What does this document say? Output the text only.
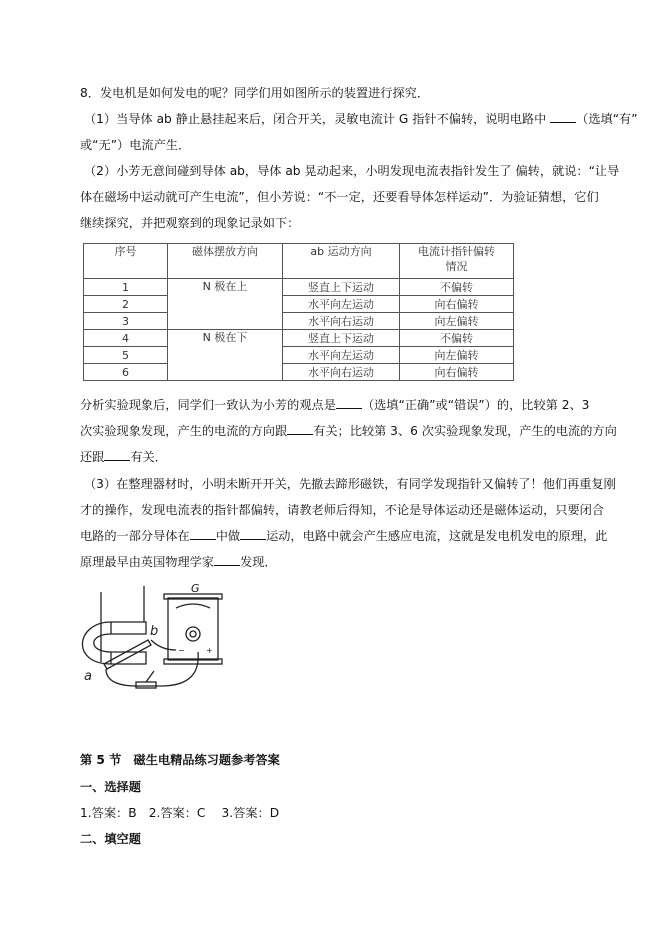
8．发电机是如何发电的呢？同学们用如图所示的装置进行探究．
（1）当导体 ab 静止悬挂起来后，闭合开关，灵敏电流计 G 指针不偏转，说明电路中 （选填“有”
或“无”）电流产生．
（2）小芳无意间碰到导体 ab，导体 ab 晃动起来，小明发现电流表指针发生了 偏转，就说：“让导
体在磁场中运动就可产生电流”，但小芳说：“不一定，还要看导体怎样运动”．为验证猜想，它们
继续探究，并把观察到的现象记录如下：
序号	磁体摆放方向	ab 运动方向	电流计指针偏转情况
1	N 极在上	竖直上下运动	不偏转
2		水平向左运动	向右偏转
3		水平向右运动	向左偏转
4	N 极在下	竖直上下运动	不偏转
5		水平向左运动	向左偏转
6		水平向右运动	向右偏转
分析实验现象后，同学们一致认为小芳的观点是 （选填“正确”或“错误”）的，比较第 2、3
次实验现象发现，产生的电流的方向跟 有关；比较第 3、6 次实验现象发现，产生的电流的方向
还跟 有关．
（3）在整理器材时，小明未断开开关，先撤去蹄形磁铁，有同学发现指针又偏转了！他们再重复刚
才的操作，发现电流表的指针都偏转，请教老师后得知，不论是导体运动还是磁体运动，只要闭合
电路的一部分导体在 中做 运动，电路中就会产生感应电流，这就是发电机发电的原理，此
原理最早由英国物理学家 发现．
G
b
a
−	+
第 5 节　磁生电精品练习题参考答案
一、选择题
1.答案：B　2.答案：C　 3.答案：D
二、填空题
